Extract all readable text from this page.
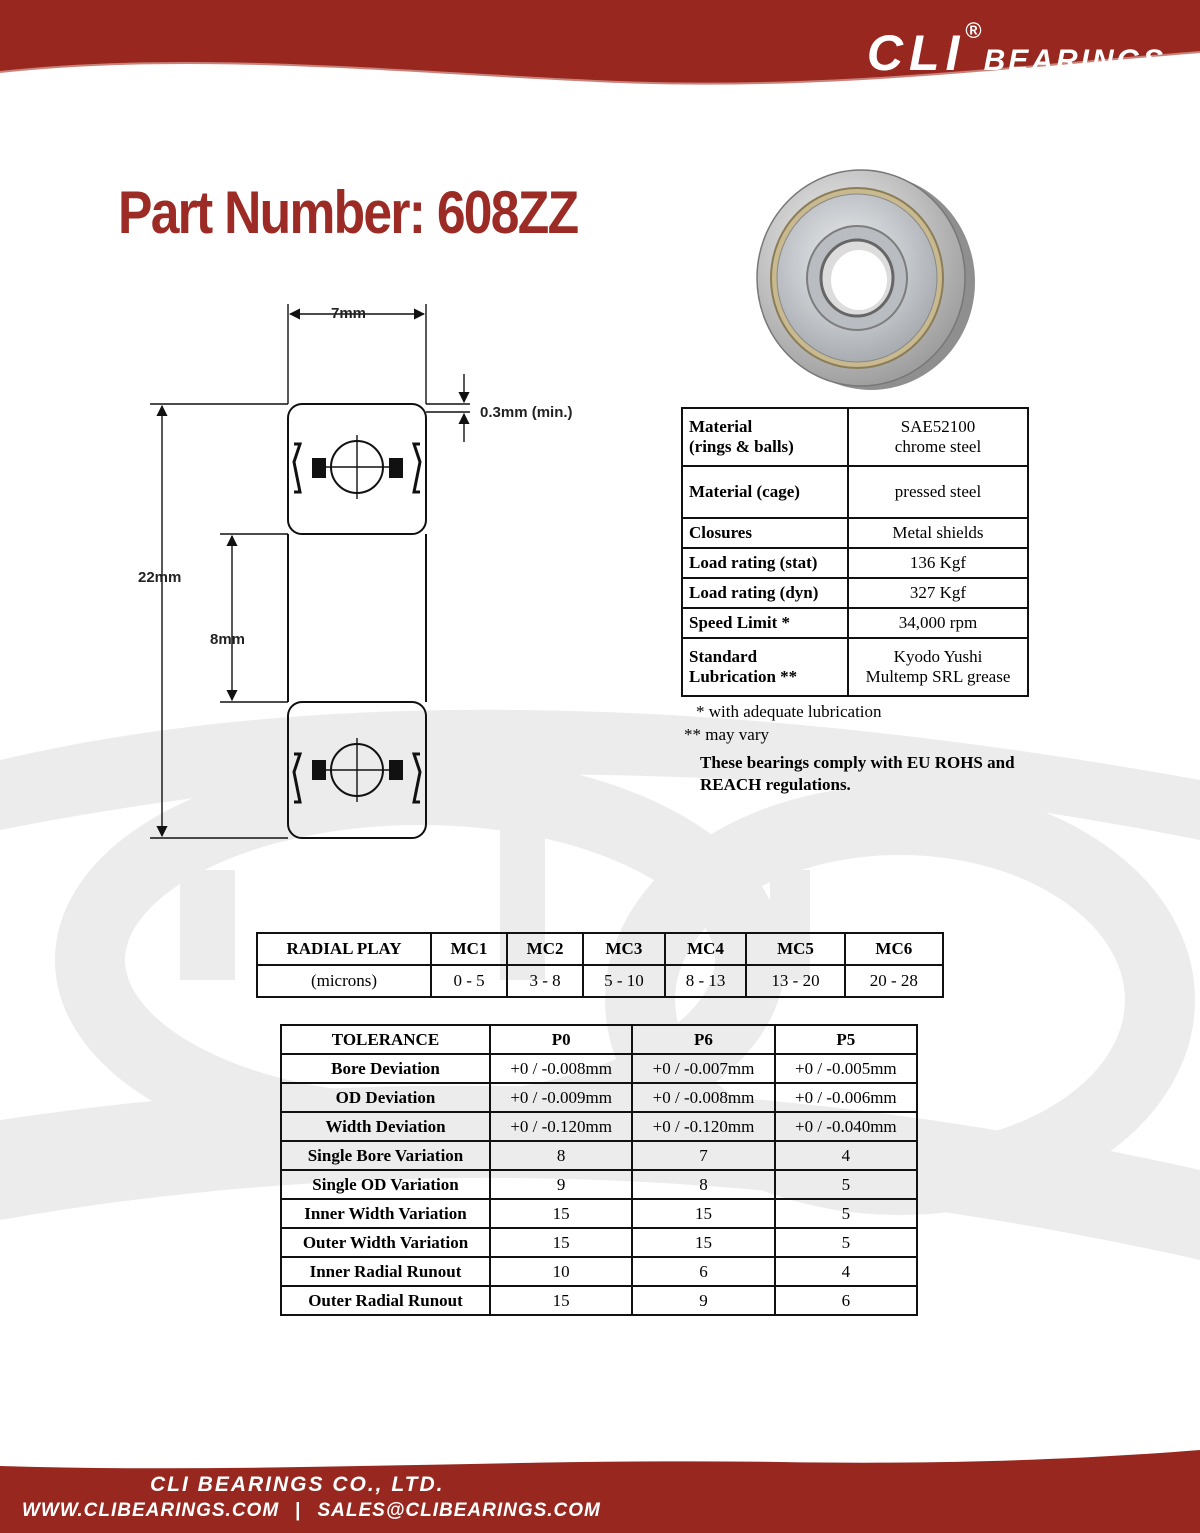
CLI®BEARINGS
Part Number: 608ZZ
7mm
0.3mm (min.)
22mm
8mm
Material
(rings & balls)	SAE52100
chrome steel
Material (cage)	pressed steel
Closures	Metal shields
Load rating (stat)	136 Kgf
Load rating (dyn)	327 Kgf
Speed Limit *	34,000 rpm
Standard
Lubrication **	Kyodo Yushi
Multemp SRL grease
* with adequate lubrication
** may vary
These bearings comply with EU ROHS and REACH regulations.
RADIAL PLAY	MC1	MC2	MC3	MC4	MC5	MC6
(microns)	0 - 5	3 - 8	5 - 10	8 - 13	13 - 20	20 - 28
TOLERANCE	P0	P6	P5
Bore Deviation	+0 / -0.008mm	+0 / -0.007mm	+0 / -0.005mm
OD Deviation	+0 / -0.009mm	+0 / -0.008mm	+0 / -0.006mm
Width Deviation	+0 / -0.120mm	+0 / -0.120mm	+0 / -0.040mm
Single Bore Variation	8	7	4
Single OD Variation	9	8	5
Inner Width Variation	15	15	5
Outer Width Variation	15	15	5
Inner Radial Runout	10	6	4
Outer Radial Runout	15	9	6
CLI BEARINGS CO., LTD.
WWW.CLIBEARINGS.COM | SALES@CLIBEARINGS.COM
